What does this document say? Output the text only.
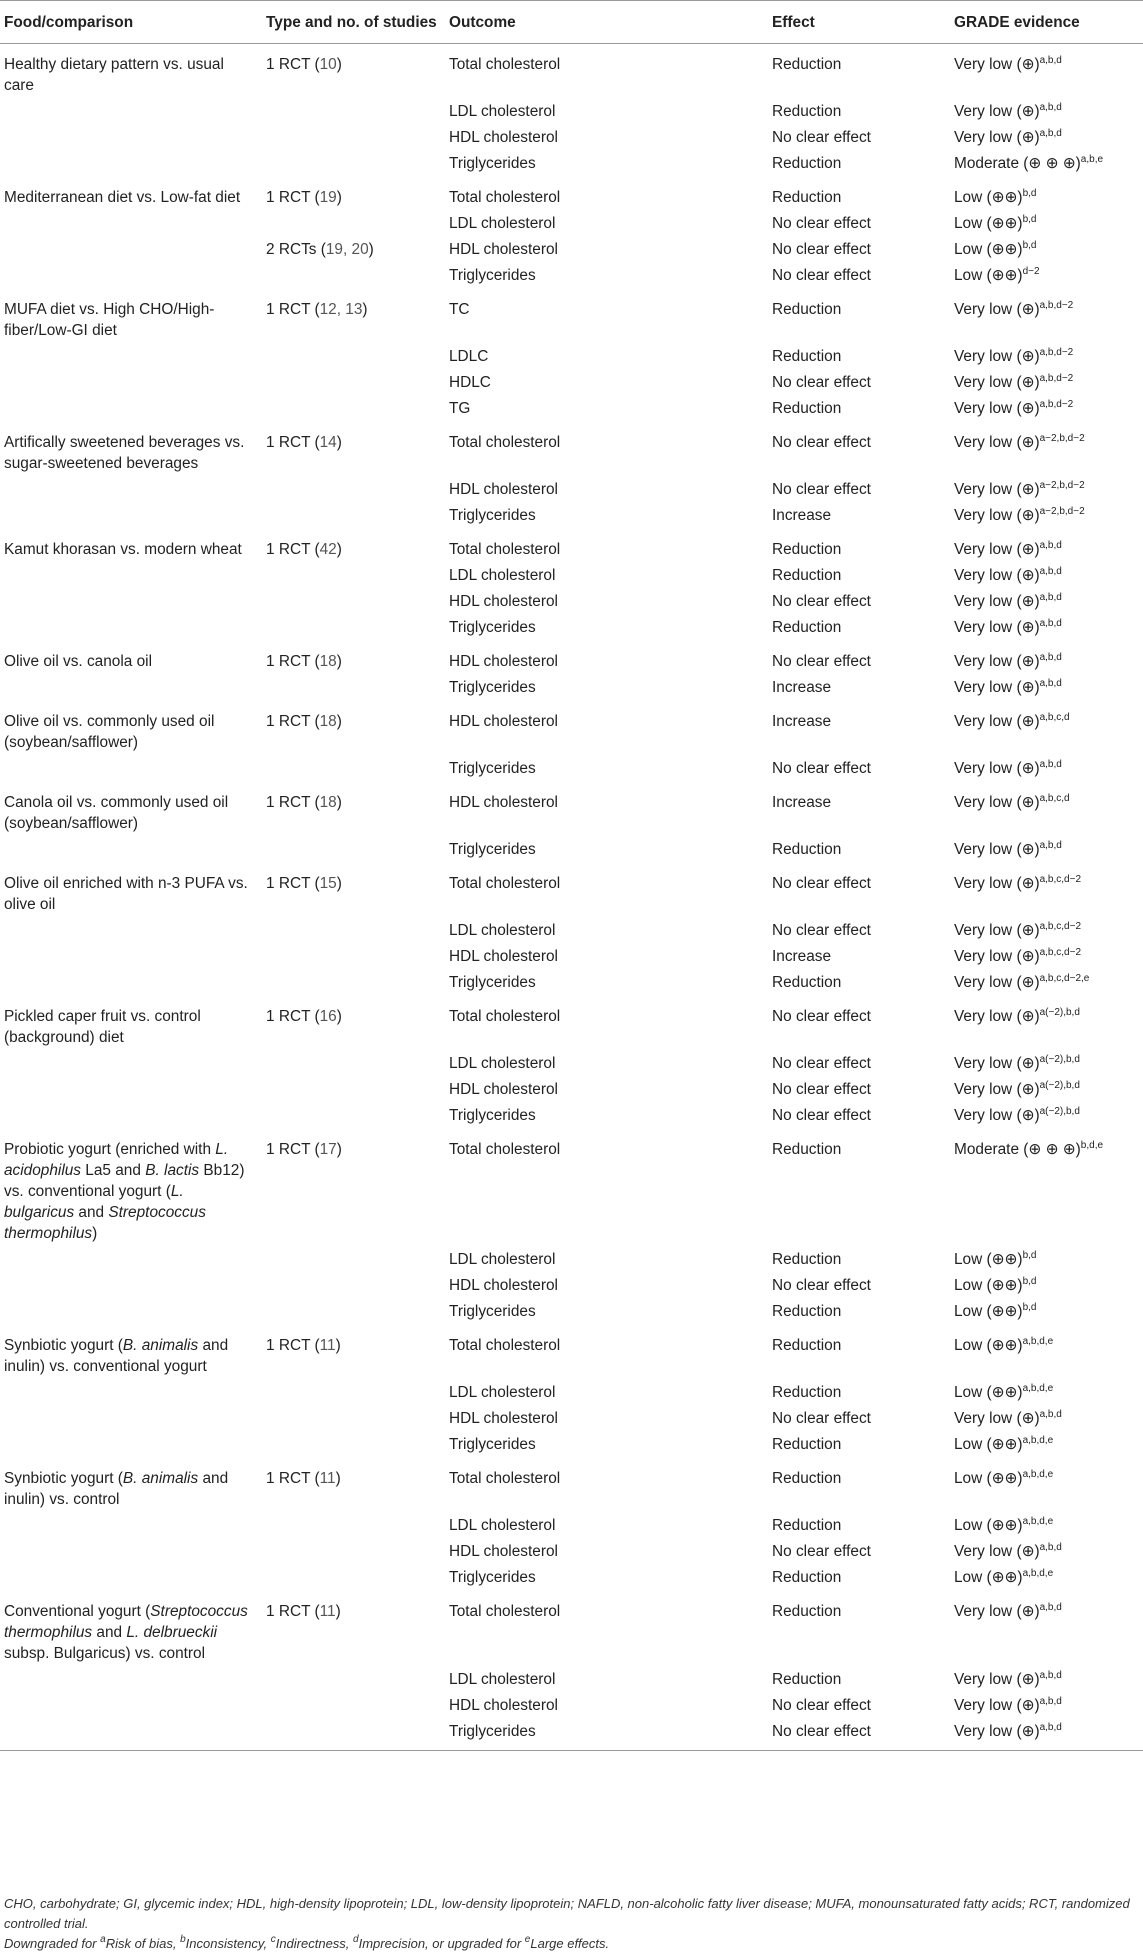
Food/comparison	Type and no. of studies	Outcome	Effect	GRADE evidence

Healthy dietary pattern vs. usual care	1 RCT (10)	Total cholesterol	Reduction	Very low (⊕)$^{a,b,d}$
		LDL cholesterol	Reduction	Very low (⊕)$^{a,b,d}$
		HDL cholesterol	No clear effect	Very low (⊕)$^{a,b,d}$
		Triglycerides	Reduction	Moderate (⊕ ⊕ ⊕)$^{a,b,e}$
Mediterranean diet vs. Low-fat diet	1 RCT (19)	Total cholesterol	Reduction	Low (⊕⊕)$^{b,d}$
		LDL cholesterol	No clear effect	Low (⊕⊕)$^{b,d}$
	2 RCTs (19, 20)	HDL cholesterol	No clear effect	Low (⊕⊕)$^{b,d}$
		Triglycerides	No clear effect	Low (⊕⊕)$^{d-2}$
MUFA diet vs. High CHO/High-fiber/Low-GI diet	1 RCT (12, 13)	TC	Reduction	Very low (⊕)$^{a,b,d-2}$
		LDLC	Reduction	Very low (⊕)$^{a,b,d-2}$
		HDLC	No clear effect	Very low (⊕)$^{a,b,d-2}$
		TG	Reduction	Very low (⊕)$^{a,b,d-2}$
Artifically sweetened beverages vs. sugar-sweetened beverages	1 RCT (14)	Total cholesterol	No clear effect	Very low (⊕)$^{a-2,b,d-2}$
		HDL cholesterol	No clear effect	Very low (⊕)$^{a-2,b,d-2}$
		Triglycerides	Increase	Very low (⊕)$^{a-2,b,d-2}$
Kamut khorasan vs. modern wheat	1 RCT (42)	Total cholesterol	Reduction	Very low (⊕)$^{a,b,d}$
		LDL cholesterol	Reduction	Very low (⊕)$^{a,b,d}$
		HDL cholesterol	No clear effect	Very low (⊕)$^{a,b,d}$
		Triglycerides	Reduction	Very low (⊕)$^{a,b,d}$
Olive oil vs. canola oil	1 RCT (18)	HDL cholesterol	No clear effect	Very low (⊕)$^{a,b,d}$
		Triglycerides	Increase	Very low (⊕)$^{a,b,d}$
Olive oil vs. commonly used oil (soybean/safflower)	1 RCT (18)	HDL cholesterol	Increase	Very low (⊕)$^{a,b,c,d}$
		Triglycerides	No clear effect	Very low (⊕)$^{a,b,d}$
Canola oil vs. commonly used oil (soybean/safflower)	1 RCT (18)	HDL cholesterol	Increase	Very low (⊕)$^{a,b,c,d}$
		Triglycerides	Reduction	Very low (⊕)$^{a,b,d}$
Olive oil enriched with n-3 PUFA vs. olive oil	1 RCT (15)	Total cholesterol	No clear effect	Very low (⊕)$^{a,b,c,d-2}$
		LDL cholesterol	No clear effect	Very low (⊕)$^{a,b,c,d-2}$
		HDL cholesterol	Increase	Very low (⊕)$^{a,b,c,d-2}$
		Triglycerides	Reduction	Very low (⊕)$^{a,b,c,d-2,e}$
Pickled caper fruit vs. control (background) diet	1 RCT (16)	Total cholesterol	No clear effect	Very low (⊕)$^{a(-2),b,d}$
		LDL cholesterol	No clear effect	Very low (⊕)$^{a(-2),b,d}$
		HDL cholesterol	No clear effect	Very low (⊕)$^{a(-2),b,d}$
		Triglycerides	No clear effect	Very low (⊕)$^{a(-2),b,d}$
Probiotic yogurt (enriched with L. acidophilus La5 and B. lactis Bb12) vs. conventional yogurt (L. bulgaricus and Streptococcus thermophilus)	1 RCT (17)	Total cholesterol	Reduction	Moderate (⊕ ⊕ ⊕)$^{b,d,e}$
		LDL cholesterol	Reduction	Low (⊕⊕)$^{b,d}$
		HDL cholesterol	No clear effect	Low (⊕⊕)$^{b,d}$
		Triglycerides	Reduction	Low (⊕⊕)$^{b,d}$
Synbiotic yogurt (B. animalis and inulin) vs. conventional yogurt	1 RCT (11)	Total cholesterol	Reduction	Low (⊕⊕)$^{a,b,d,e}$
		LDL cholesterol	Reduction	Low (⊕⊕)$^{a,b,d,e}$
		HDL cholesterol	No clear effect	Very low (⊕)$^{a,b,d}$
		Triglycerides	Reduction	Low (⊕⊕)$^{a,b,d,e}$
Synbiotic yogurt (B. animalis and inulin) vs. control	1 RCT (11)	Total cholesterol	Reduction	Low (⊕⊕)$^{a,b,d,e}$
		LDL cholesterol	Reduction	Low (⊕⊕)$^{a,b,d,e}$
		HDL cholesterol	No clear effect	Very low (⊕)$^{a,b,d}$
		Triglycerides	Reduction	Low (⊕⊕)$^{a,b,d,e}$
Conventional yogurt (Streptococcus thermophilus and L. delbrueckii subsp. Bulgaricus) vs. control	1 RCT (11)	Total cholesterol	Reduction	Very low (⊕)$^{a,b,d}$
		LDL cholesterol	Reduction	Very low (⊕)$^{a,b,d}$
		HDL cholesterol	No clear effect	Very low (⊕)$^{a,b,d}$
		Triglycerides	No clear effect	Very low (⊕)$^{a,b,d}$

CHO, carbohydrate; GI, glycemic index; HDL, high-density lipoprotein; LDL, low-density lipoprotein; NAFLD, non-alcoholic fatty liver disease; MUFA, monounsaturated fatty acids; RCT, randomized controlled trial.

Downgraded for $^a$Risk of bias, $^b$Inconsistency, $^c$Indirectness, $^d$Imprecision, or upgraded for $^e$Large effects.
